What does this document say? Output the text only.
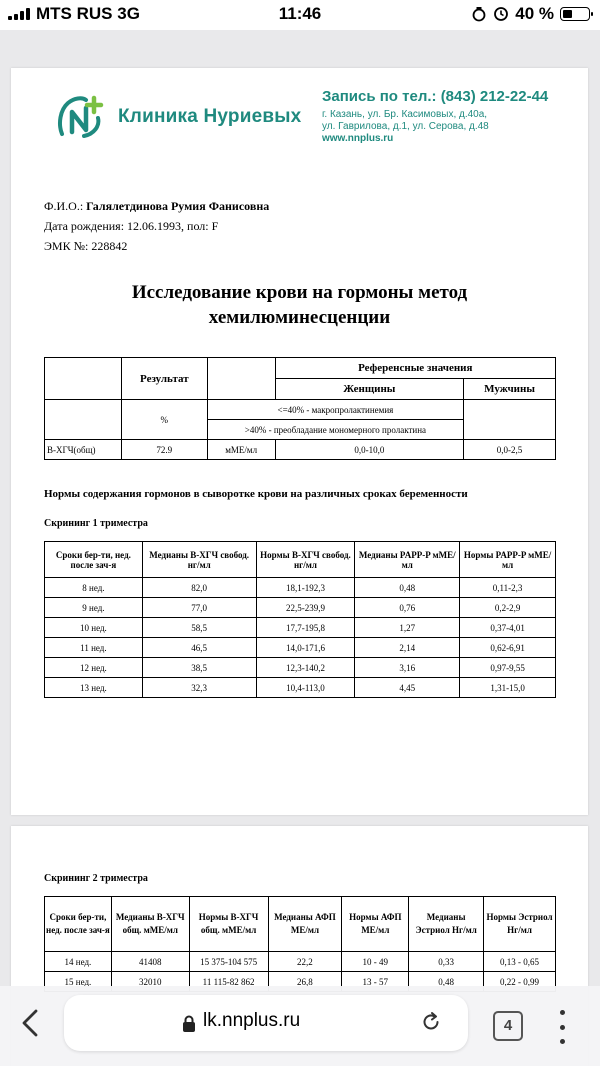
MTS RUS 3G	11:46	40 %
Клиника Нуриевых
Запись по тел.: (843) 212-22-44
г. Казань, ул. Бр. Касимовых, д.40а,
ул. Гаврилова, д.1, ул. Серова, д.48
www.nnplus.ru
Ф.И.О.: Галялетдинова Румия Фанисовна
Дата рождения: 12.06.1993, пол: F
ЭМК №: 228842
Исследование крови на гормоны метод
хемилюминесценции
	Результат		Референсные значения	
			Женщины	Мужчины
	%	<=40% - макропролактинемия		
		>40% - преобладание мономерного пролактина		
B-ХГЧ(общ)	72.9	мМЕ/мл	0,0-10,0	0,0-2,5
Нормы содержания гормонов в сыворотке крови на различных сроках беременности
Скрининг 1 триместра
Сроки бер-ти, нед. после зач-я	Медианы B-ХГЧ свобод. нг/мл	Нормы B-ХГЧ свобод. нг/мл	Медианы PAPP-P мМЕ/мл	Нормы PAPP-P мМЕ/мл
8 нед.	82,0	18,1-192,3	0,48	0,11-2,3
9 нед.	77,0	22,5-239,9	0,76	0,2-2,9
10 нед.	58,5	17,7-195,8	1,27	0,37-4,01
11 нед.	46,5	14,0-171,6	2,14	0,62-6,91
12 нед.	38,5	12,3-140,2	3,16	0,97-9,55
13 нед.	32,3	10,4-113,0	4,45	1,31-15,0
Скрининг 2 триместра
Сроки бер-ти, нед. после зач-я	Медианы B-ХГЧ общ. мМЕ/мл	Нормы B-ХГЧ общ. мМЕ/мл	Медианы АФП МЕ/мл	Нормы АФП МЕ/мл	Медианы Эстриол Нг/мл	Нормы Эстриол Нг/мл
14 нед.	41408	15 375-104 575	22,2	10 - 49	0,33	0,13 - 0,65
15 нед.	32010	11 115-82 862	26,8	13 - 57	0,48	0,22 - 0,99
lk.nnplus.ru	4
